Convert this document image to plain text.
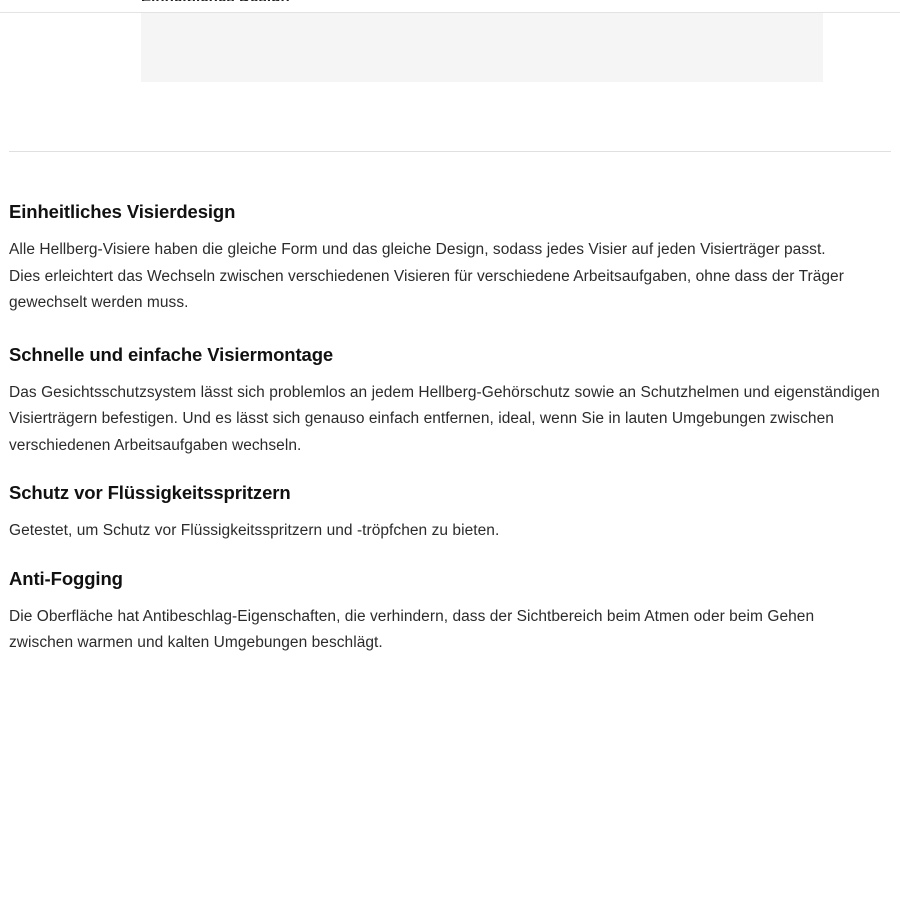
Einheitliches Visierdesign

Alle Hellberg-Visiere haben die gleiche Form und das gleiche Design, sodass jedes Visier auf jeden Visierträger passt. Dies erleichtert das Wechseln zwischen verschiedenen Visieren für verschiedene Arbeitsaufgaben, ohne dass der Träger gewechselt werden muss.

Schnelle und einfache Visiermontage

Das Gesichtsschutzsystem lässt sich problemlos an jedem Hellberg-Gehörschutz sowie an Schutzhelmen und eigenständigen Visierträgern befestigen. Und es lässt sich genauso einfach entfernen, ideal, wenn Sie in lauten Umgebungen zwischen verschiedenen Arbeitsaufgaben wechseln.

Schutz vor Flüssigkeitsspritzern

Getestet, um Schutz vor Flüssigkeitsspritzern und -tröpfchen zu bieten.

Anti-Fogging

Die Oberfläche hat Antibeschlag-Eigenschaften, die verhindern, dass der Sichtbereich beim Atmen oder beim Gehen zwischen warmen und kalten Umgebungen beschlägt.
